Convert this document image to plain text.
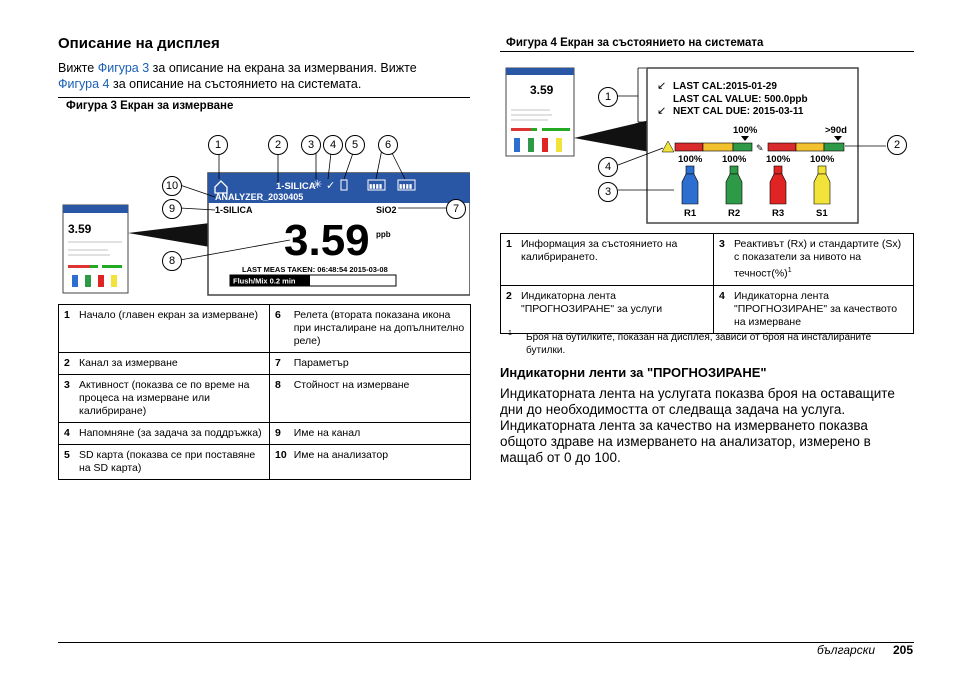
Описание на дисплея
Вижте Фигура 3 за описание на екрана за измервания. Вижте
Фигура 4 за описание на състоянието на системата.
Фигура 3 Екран за измерване
3.59
1-SILICA
✳ ✓	▮▮▮▮	▮▮▮▮
ANALYZER_2030405
1-SILICA	SiO2
3.59 ppb
LAST MEAS TAKEN: 06:48:54 2015-03-08
Flush/Mix 0.2 min
1	2	3	4	5	6
7
8
9
10
1	Начало (главен екран за измерване)	6	Релета (втората показана икона при инсталиране на допълнително реле)
2	Канал за измерване	7	Параметър
3	Активност (показва се по време на процеса на измерване или калибриране)	8	Стойност на измерване
4	Напомняне (за задача за поддръжка)	9	Име на канал
5	SD карта (показва се при поставяне на SD карта)	10	Име на анализатор
Фигура 4 Екран за състоянието на системата
3.59	↙ LAST CAL:2015-01-29
LAST CAL VALUE: 500.0ppb
↙ NEXT CAL DUE: 2015-03-11
100%	>90d
✎
100%
R1
100%
R2
100%
R3
100%
S1
1
2
3
4
1	Информация за състоянието на калибрирането.	3	Реактивът (Rx) и стандартите (Sx) с показатели за нивото на течност(%)$^1$
2	Индикаторна лента "ПРОГНОЗИРАНЕ" за услуги	4	Индикаторна лента "ПРОГНОЗИРАНЕ" за качеството на измерване
1	Броя на бутилките, показан на дисплея, зависи от броя на инсталираните бутилки.
Индикаторни ленти за "ПРОГНОЗИРАНЕ"
Индикаторната лента на услугата показва броя на оставащите дни до необходимостта от следваща задача на услуга. Индикаторната лента за качество на измерването показва общото здраве на измерването на анализатор, измерено в мащаб от 0 до 100.
български 205
